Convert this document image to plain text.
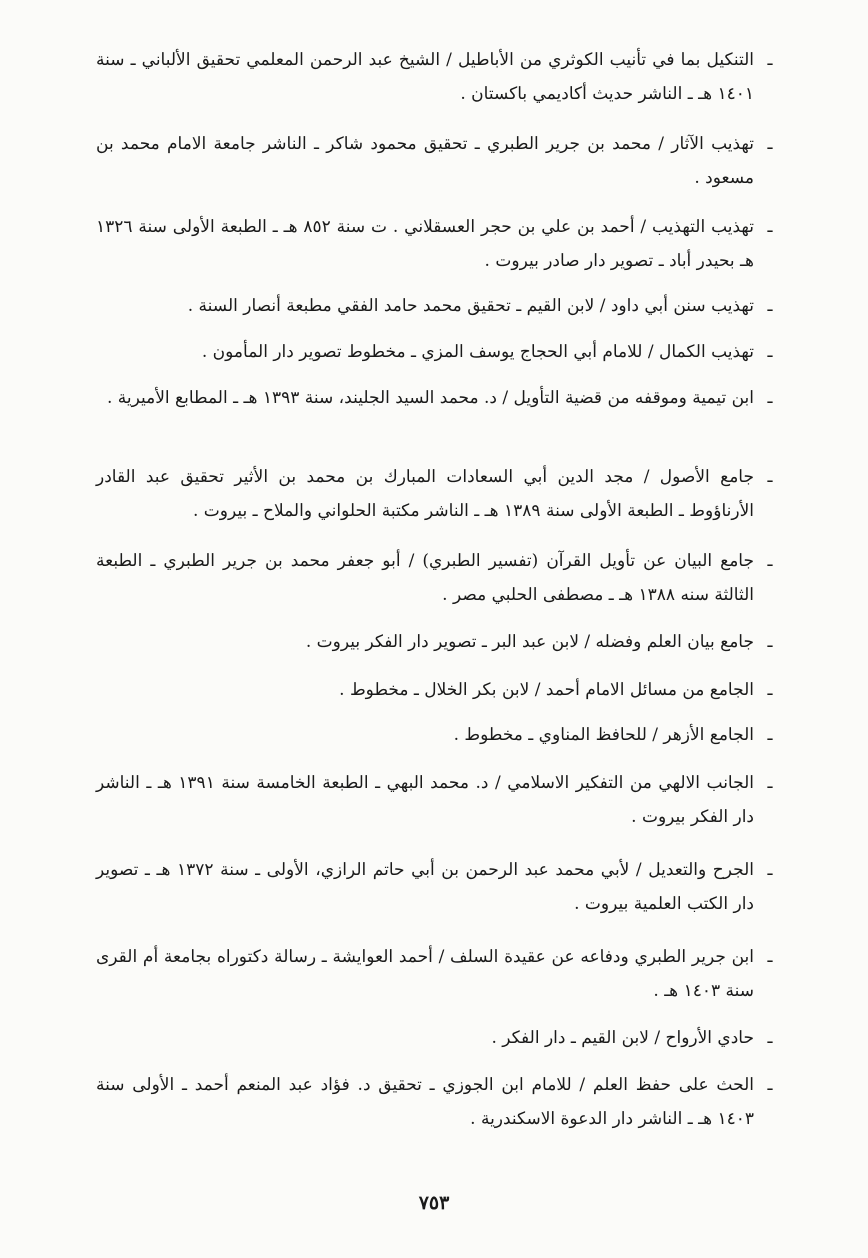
ـ
التنكيل بما في تأنيب الكوثري من الأباطيل / الشيخ عبد الرحمن المعلمي تحقيق الألباني ـ سنة ١٤٠١ هـ ـ الناشر حديث أكاديمي باكستان .
ـ
تهذيب الآثار / محمد بن جرير الطبري ـ تحقيق محمود شاكر ـ الناشر جامعة الامام محمد بن مسعود .
ـ
تهذيب التهذيب / أحمد بن علي بن حجر العسقلاني . ت سنة ٨٥٢ هـ ـ الطبعة الأولى سنة ١٣٢٦ هـ بحيدر أباد ـ تصوير دار صادر بيروت .
ـ
تهذيب سنن أبي داود / لابن القيم ـ تحقيق محمد حامد الفقي مطبعة أنصار السنة .
ـ
تهذيب الكمال / للامام أبي الحجاج يوسف المزي ـ مخطوط تصوير دار المأمون .
ـ
ابن تيمية وموقفه من قضية التأويل / د. محمد السيد الجليند، سنة ١٣٩٣ هـ ـ المطابع الأميرية .
ـ
جامع الأصول / مجد الدين أبي السعادات المبارك بن محمد بن الأثير تحقيق عبد القادر الأرناؤوط ـ الطبعة الأولى سنة ١٣٨٩ هـ ـ الناشر مكتبة الحلواني والملاح ـ بيروت .
ـ
جامع البيان عن تأويل القرآن (تفسير الطبري) / أبو جعفر محمد بن جرير الطبري ـ الطبعة الثالثة سنه ١٣٨٨ هـ ـ مصطفى الحلبي مصر .
ـ
جامع بيان العلم وفضله / لابن عبد البر ـ تصوير دار الفكر بيروت .
ـ
الجامع من مسائل الامام أحمد / لابن بكر الخلال ـ مخطوط .
ـ
الجامع الأزهر / للحافظ المناوي ـ مخطوط .
ـ
الجانب الالهي من التفكير الاسلامي / د. محمد البهي ـ الطبعة الخامسة سنة ١٣٩١ هـ ـ الناشر دار الفكر بيروت .
ـ
الجرح والتعديل / لأبي محمد عبد الرحمن بن أبي حاتم الرازي، الأولى ـ سنة ١٣٧٢ هـ ـ تصوير دار الكتب العلمية بيروت .
ـ
ابن جرير الطبري ودفاعه عن عقيدة السلف / أحمد العوايشة ـ رسالة دكتوراه بجامعة أم القرى سنة ١٤٠٣ هـ .
ـ
حادي الأرواح / لابن القيم ـ دار الفكر .
ـ
الحث على حفظ العلم / للامام ابن الجوزي ـ تحقيق د. فؤاد عبد المنعم أحمد ـ الأولى سنة ١٤٠٣ هـ ـ الناشر دار الدعوة الاسكندرية .
٧٥٣
